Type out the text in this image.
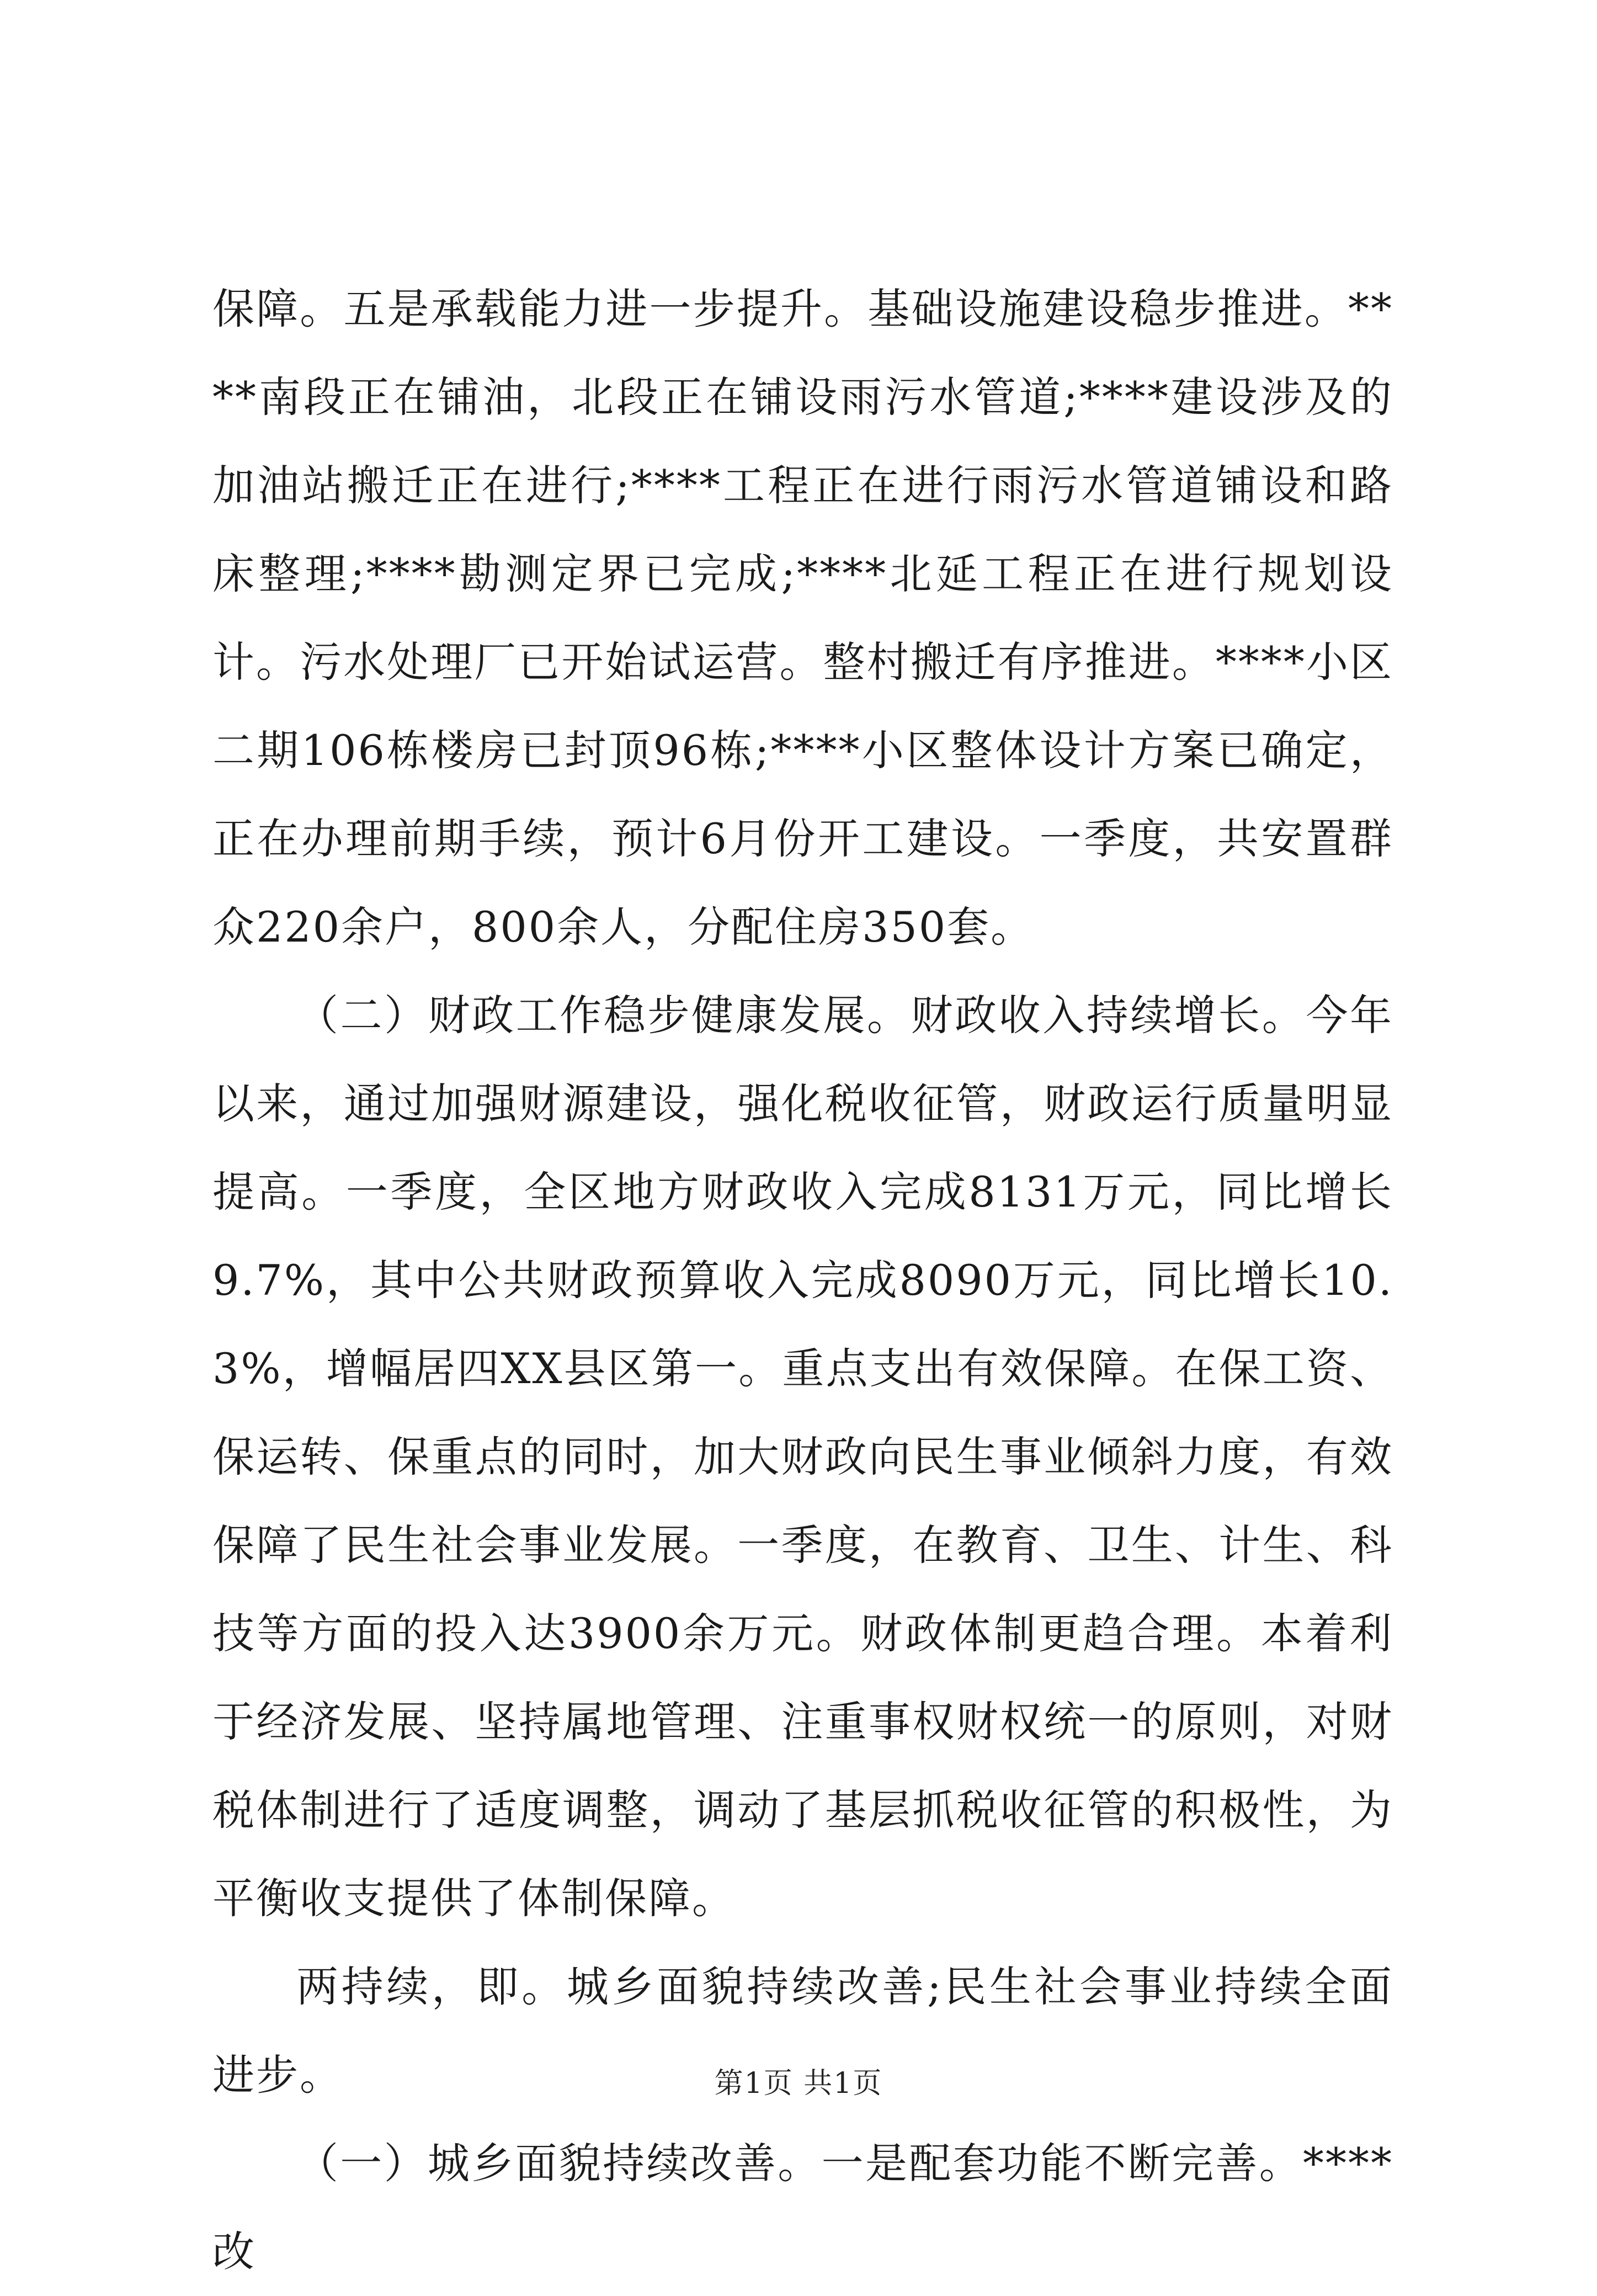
保障。五是承载能力进一步提升。基础设施建设稳步推进。****南段正在铺油，北段正在铺设雨污水管道;****建设涉及的加油站搬迁正在进行;****工程正在进行雨污水管道铺设和路床整理;****勘测定界已完成;****北延工程正在进行规划设计。污水处理厂已开始试运营。整村搬迁有序推进。****小区二期106栋楼房已封顶96栋;****小区整体设计方案已确定，正在办理前期手续，预计6月份开工建设。一季度，共安置群众220余户，800余人，分配住房350套。

（二）财政工作稳步健康发展。财政收入持续增长。今年以来，通过加强财源建设，强化税收征管，财政运行质量明显提高。一季度，全区地方财政收入完成8131万元，同比增长9.7%，其中公共财政预算收入完成8090万元，同比增长10.3%，增幅居四XX县区第一。重点支出有效保障。在保工资、保运转、保重点的同时，加大财政向民生事业倾斜力度，有效保障了民生社会事业发展。一季度，在教育、卫生、计生、科技等方面的投入达3900余万元。财政体制更趋合理。本着利于经济发展、坚持属地管理、注重事权财权统一的原则，对财税体制进行了适度调整，调动了基层抓税收征管的积极性，为平衡收支提供了体制保障。

两持续，即。城乡面貌持续改善;民生社会事业持续全面进步。

（一）城乡面貌持续改善。一是配套功能不断完善。****改

第1页 共1页
